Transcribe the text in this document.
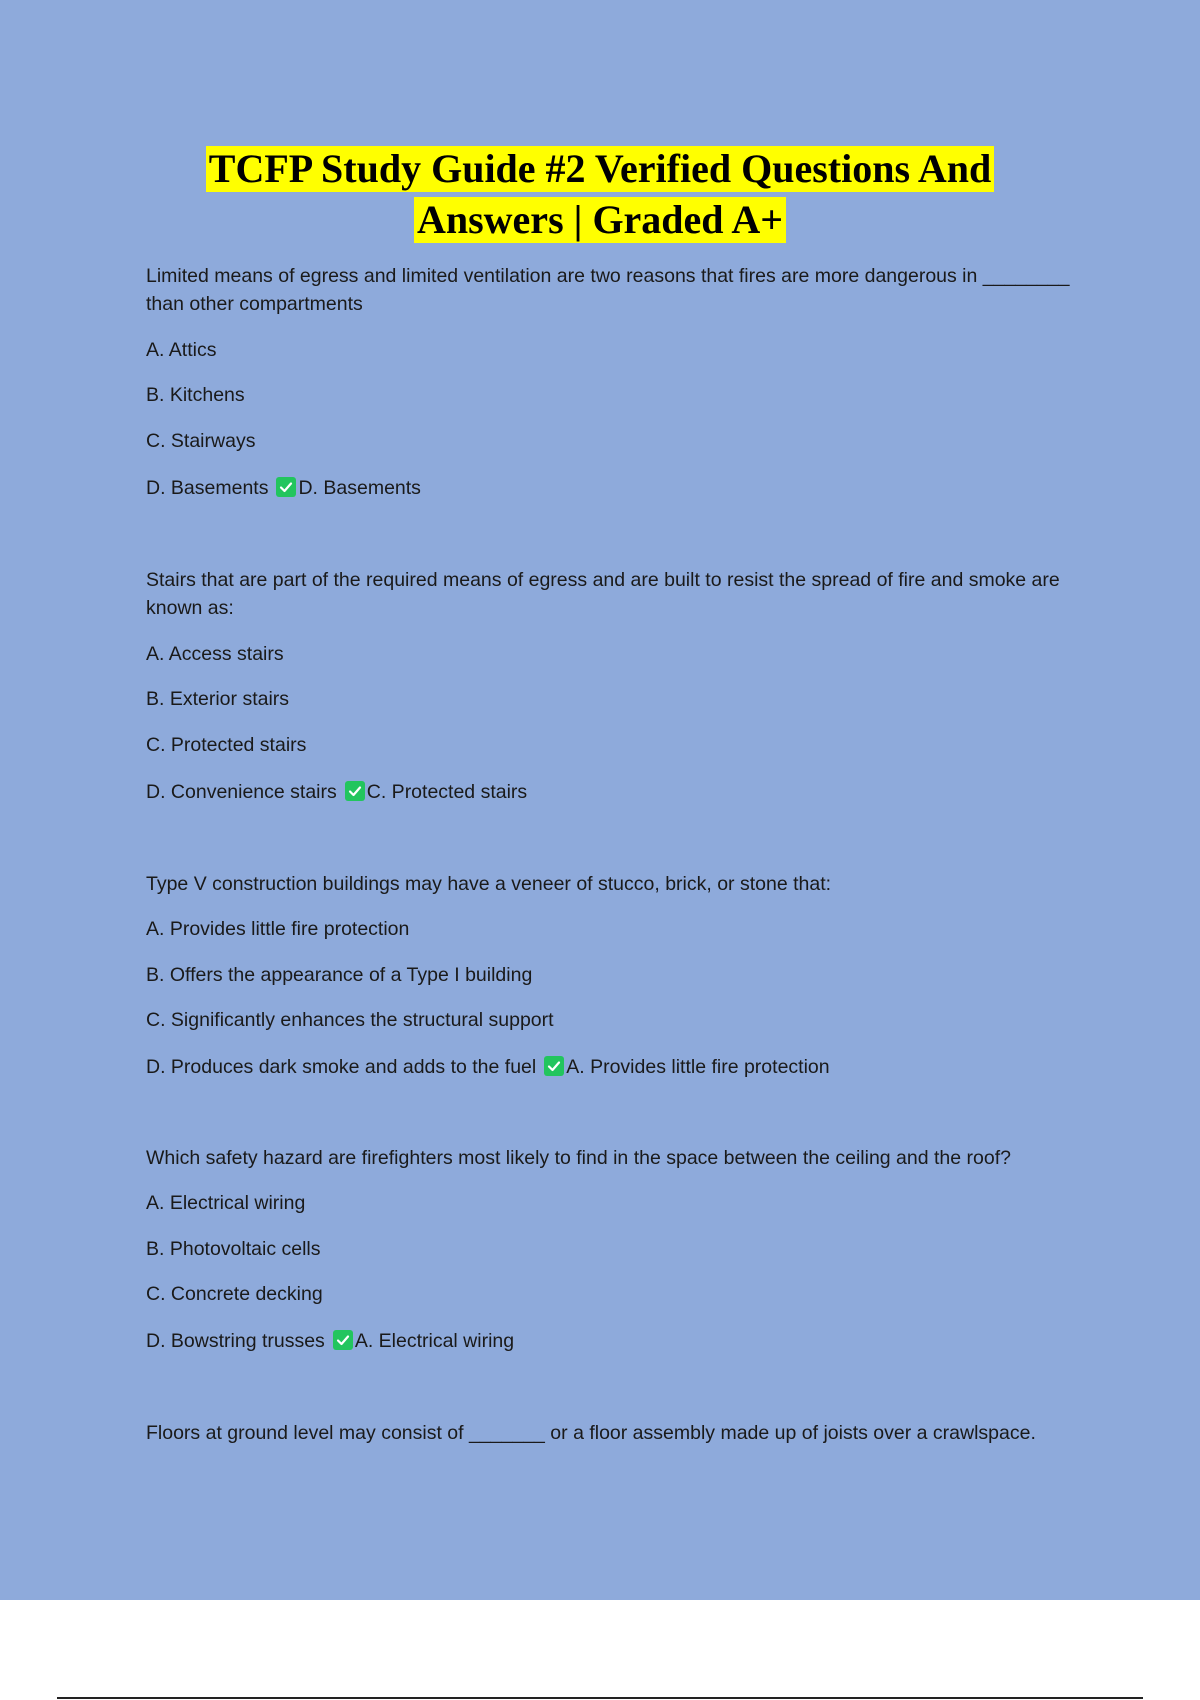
TCFP Study Guide #2 Verified Questions And
Answers | Graded A+

Limited means of egress and limited ventilation are two reasons that fires are more dangerous in ________ than other compartments

A. Attics

B. Kitchens

C. Stairways

D. Basements D. Basements

Stairs that are part of the required means of egress and are built to resist the spread of fire and smoke are known as:

A. Access stairs

B. Exterior stairs

C. Protected stairs

D. Convenience stairs C. Protected stairs

Type V construction buildings may have a veneer of stucco, brick, or stone that:

A. Provides little fire protection

B. Offers the appearance of a Type I building

C. Significantly enhances the structural support

D. Produces dark smoke and adds to the fuel A. Provides little fire protection

Which safety hazard are firefighters most likely to find in the space between the ceiling and the roof?

A. Electrical wiring

B. Photovoltaic cells

C. Concrete decking

D. Bowstring trusses A. Electrical wiring

Floors at ground level may consist of _______ or a floor assembly made up of joists over a crawlspace.
